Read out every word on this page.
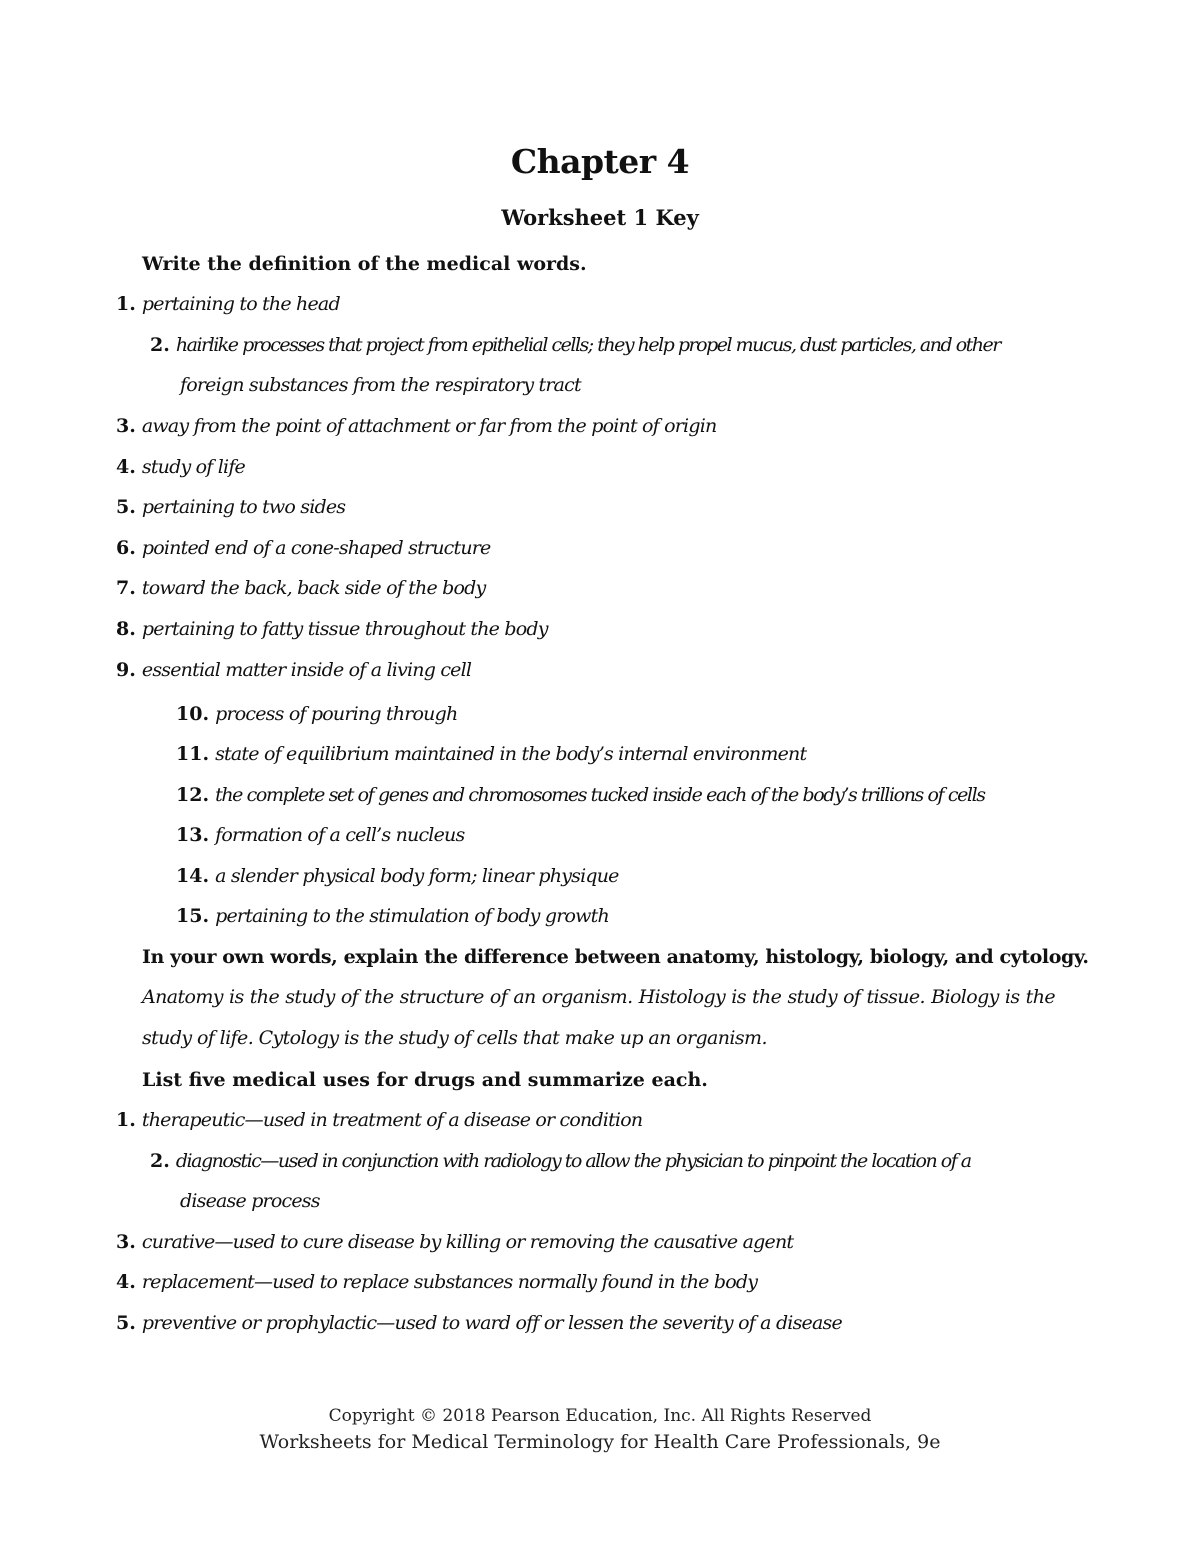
Chapter 4
Worksheet 1 Key
Write the definition of the medical words.
1. pertaining to the head
2. hairlike processes that project from epithelial cells; they help propel mucus, dust particles, and other
foreign substances from the respiratory tract
3. away from the point of attachment or far from the point of origin
4. study of life
5. pertaining to two sides
6. pointed end of a cone-shaped structure
7. toward the back, back side of the body
8. pertaining to fatty tissue throughout the body
9. essential matter inside of a living cell
10. process of pouring through
11. state of equilibrium maintained in the body’s internal environment
12. the complete set of genes and chromosomes tucked inside each of the body’s trillions of cells
13. formation of a cell’s nucleus
14. a slender physical body form; linear physique
15. pertaining to the stimulation of body growth
In your own words, explain the difference between anatomy, histology, biology, and cytology.
Anatomy is the study of the structure of an organism. Histology is the study of tissue. Biology is the study of life. Cytology is the study of cells that make up an organism.
List five medical uses for drugs and summarize each.
1. therapeutic—used in treatment of a disease or condition
2. diagnostic—used in conjunction with radiology to allow the physician to pinpoint the location of a
disease process
3. curative—used to cure disease by killing or removing the causative agent
4. replacement—used to replace substances normally found in the body
5. preventive or prophylactic—used to ward off or lessen the severity of a disease
Copyright © 2018 Pearson Education, Inc. All Rights Reserved
Worksheets for Medical Terminology for Health Care Professionals, 9e
